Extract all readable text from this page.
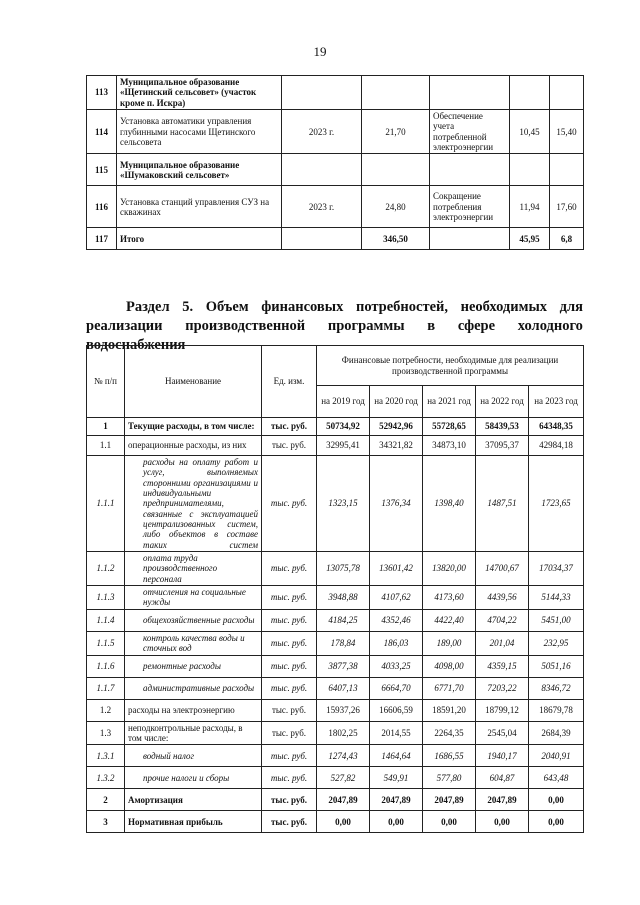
19
113	Муниципальное образование «Щетинский сельсовет» (участок кроме п. Искра)					
114	Установка автоматики управления глубинными насосами Щетинского сельсовета	2023 г.	21,70	Обеспечение учета потребленной электроэнергии	10,45	15,40
115	Муниципальное образование «Шумаковский сельсовет»					
116	Установка станций управления СУЗ на скважинах	2023 г.	24,80	Сокращение потребления электроэнергии	11,94	17,60
117	Итого		346,50		45,95	6,8
Раздел 5. Объем финансовых потребностей, необходимых для
реализации производственной программы в сфере холодного
водоснабжения
№ п/п	Наименование	Ед. изм.	Финансовые потребности, необходимые для реализации производственной программы				
			на 2019 год	на 2020 год	на 2021 год	на 2022 год	на 2023 год
1	Текущие расходы, в том числе:	тыс. руб.	50734,92	52942,96	55728,65	58439,53	64348,35
1.1	операционные расходы, из них	тыс. руб.	32995,41	34321,82	34873,10	37095,37	42984,18
1.1.1	расходы на оплату работ и услуг, выполняемых сторонними организациями и индивидуальными предпринимателями, связанные с эксплуатацией централизованных систем, либо объектов в составе таких систем	тыс. руб.	1323,15	1376,34	1398,40	1487,51	1723,65
1.1.2	оплата труда производственного персонала	тыс. руб.	13075,78	13601,42	13820,00	14700,67	17034,37
1.1.3	отчисления на социальные нужды	тыс. руб.	3948,88	4107,62	4173,60	4439,56	5144,33
1.1.4	общехозяйственные расходы	тыс. руб.	4184,25	4352,46	4422,40	4704,22	5451,00
1.1.5	контроль качества воды и сточных вод	тыс. руб.	178,84	186,03	189,00	201,04	232,95
1.1.6	ремонтные расходы	тыс. руб.	3877,38	4033,25	4098,00	4359,15	5051,16
1.1.7	административные расходы	тыс. руб.	6407,13	6664,70	6771,70	7203,22	8346,72
1.2	расходы на электроэнергию	тыс. руб.	15937,26	16606,59	18591,20	18799,12	18679,78
1.3	неподконтрольные расходы, в том числе:	тыс. руб.	1802,25	2014,55	2264,35	2545,04	2684,39
1.3.1	водный налог	тыс. руб.	1274,43	1464,64	1686,55	1940,17	2040,91
1.3.2	прочие налоги и сборы	тыс. руб.	527,82	549,91	577,80	604,87	643,48
2	Амортизация	тыс. руб.	2047,89	2047,89	2047,89	2047,89	0,00
3	Нормативная прибыль	тыс. руб.	0,00	0,00	0,00	0,00	0,00
